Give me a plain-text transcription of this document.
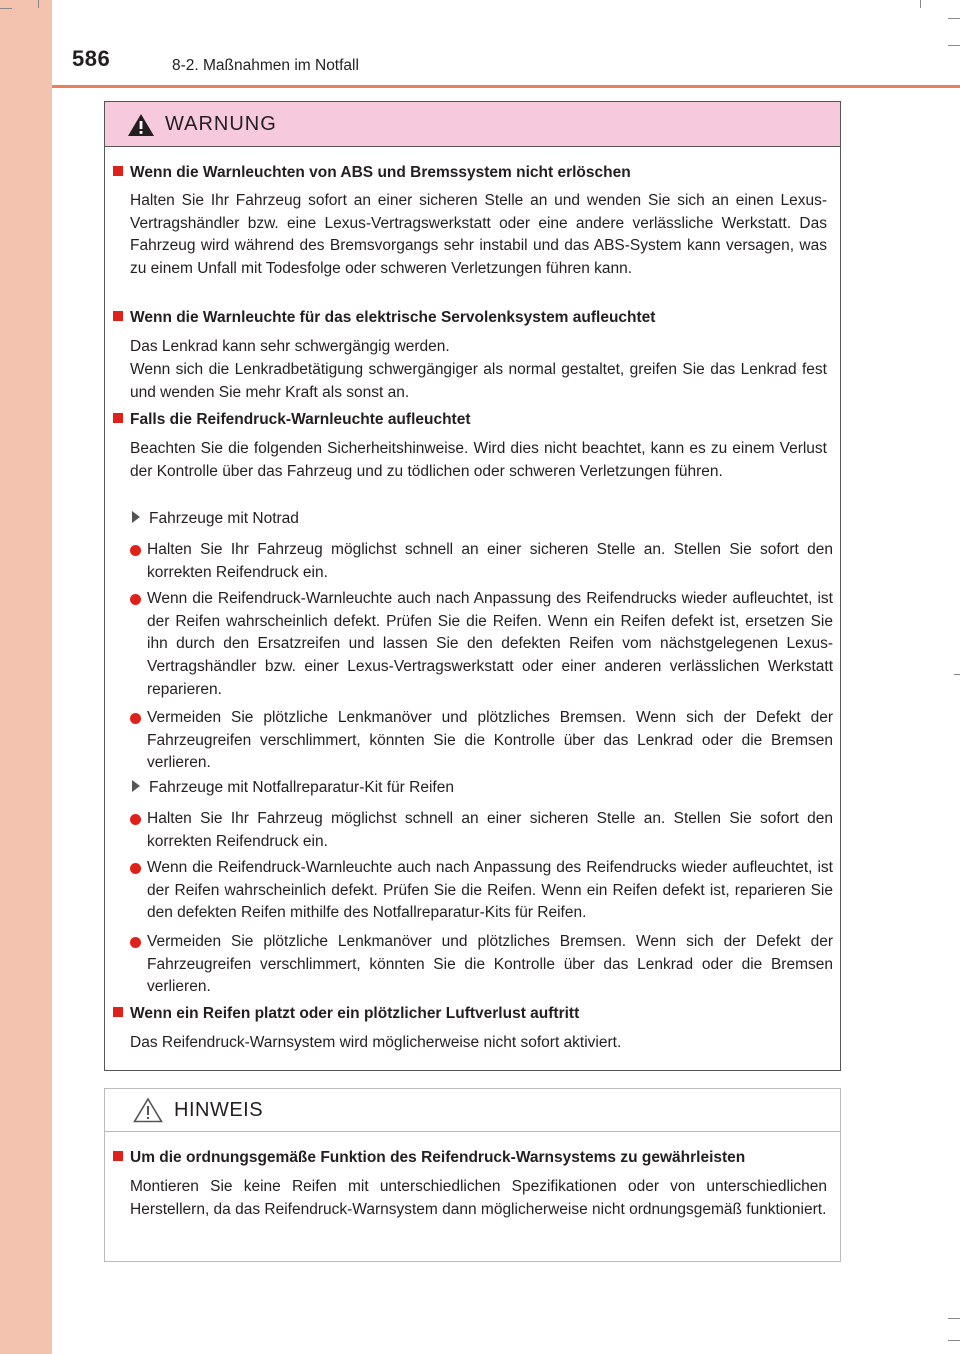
586	8-2. Maßnahmen im Notfall
WARNUNG
Wenn die Warnleuchten von ABS und Bremssystem nicht erlöschen
Halten Sie Ihr Fahrzeug sofort an einer sicheren Stelle an und wenden Sie sich an einen Lexus-Vertragshändler bzw. eine Lexus-Vertragswerkstatt oder eine andere verlässliche Werkstatt. Das Fahrzeug wird während des Bremsvorgangs sehr instabil und das ABS-System kann versagen, was zu einem Unfall mit Todesfolge oder schweren Verletzungen führen kann.
Wenn die Warnleuchte für das elektrische Servolenksystem aufleuchtet
Das Lenkrad kann sehr schwergängig werden.
Wenn sich die Lenkradbetätigung schwergängiger als normal gestaltet, greifen Sie das Lenkrad fest und wenden Sie mehr Kraft als sonst an.
Falls die Reifendruck-Warnleuchte aufleuchtet
Beachten Sie die folgenden Sicherheitshinweise. Wird dies nicht beachtet, kann es zu einem Verlust der Kontrolle über das Fahrzeug und zu tödlichen oder schweren Verletzungen führen.
Fahrzeuge mit Notrad
Halten Sie Ihr Fahrzeug möglichst schnell an einer sicheren Stelle an. Stellen Sie sofort den korrekten Reifendruck ein.
Wenn die Reifendruck-Warnleuchte auch nach Anpassung des Reifendrucks wieder aufleuchtet, ist der Reifen wahrscheinlich defekt. Prüfen Sie die Reifen. Wenn ein Reifen defekt ist, ersetzen Sie ihn durch den Ersatzreifen und lassen Sie den defekten Reifen vom nächstgelegenen Lexus-Vertragshändler bzw. einer Lexus-Vertragswerkstatt oder einer anderen verlässlichen Werkstatt reparieren.
Vermeiden Sie plötzliche Lenkmanöver und plötzliches Bremsen. Wenn sich der Defekt der Fahrzeugreifen verschlimmert, könnten Sie die Kontrolle über das Lenkrad oder die Bremsen verlieren.
Fahrzeuge mit Notfallreparatur-Kit für Reifen
Halten Sie Ihr Fahrzeug möglichst schnell an einer sicheren Stelle an. Stellen Sie sofort den korrekten Reifendruck ein.
Wenn die Reifendruck-Warnleuchte auch nach Anpassung des Reifendrucks wieder aufleuchtet, ist der Reifen wahrscheinlich defekt. Prüfen Sie die Reifen. Wenn ein Reifen defekt ist, reparieren Sie den defekten Reifen mithilfe des Notfallreparatur-Kits für Reifen.
Vermeiden Sie plötzliche Lenkmanöver und plötzliches Bremsen. Wenn sich der Defekt der Fahrzeugreifen verschlimmert, könnten Sie die Kontrolle über das Lenkrad oder die Bremsen verlieren.
Wenn ein Reifen platzt oder ein plötzlicher Luftverlust auftritt
Das Reifendruck-Warnsystem wird möglicherweise nicht sofort aktiviert.
HINWEIS
Um die ordnungsgemäße Funktion des Reifendruck-Warnsystems zu gewährleisten
Montieren Sie keine Reifen mit unterschiedlichen Spezifikationen oder von unterschiedlichen Herstellern, da das Reifendruck-Warnsystem dann möglicherweise nicht ordnungsgemäß funktioniert.
